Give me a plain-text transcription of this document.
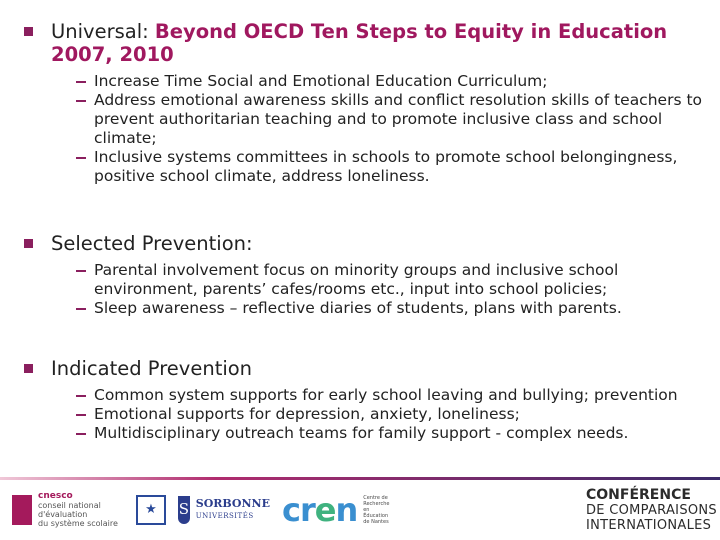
Universal: Beyond OECD Ten Steps to Equity in Education 2007, 2010
Increase Time Social and Emotional Education Curriculum;
Address emotional awareness skills and conflict resolution skills of teachers to prevent authoritarian teaching and to promote inclusive class and school climate;
Inclusive systems committees in schools to promote school belongingness, positive school climate, address loneliness.
Selected Prevention:
Parental involvement focus on minority groups and inclusive school environment, parents’ cafes/rooms etc., input into school policies;
Sleep awareness – reflective diaries of students, plans with parents.
Indicated Prevention
Common system supports for early school leaving and bullying; prevention
Emotional supports for depression, anxiety, loneliness;
Multidisciplinary outreach teams for family support - complex needs.
cnesco
conseil national
d'évaluation
du système scolaire
★	S SORBONNE
UNIVERSITÉS cren Centre de Recherche en Éducation de Nantes
CONFÉRENCE
DE COMPARAISONS
INTERNATIONALES
